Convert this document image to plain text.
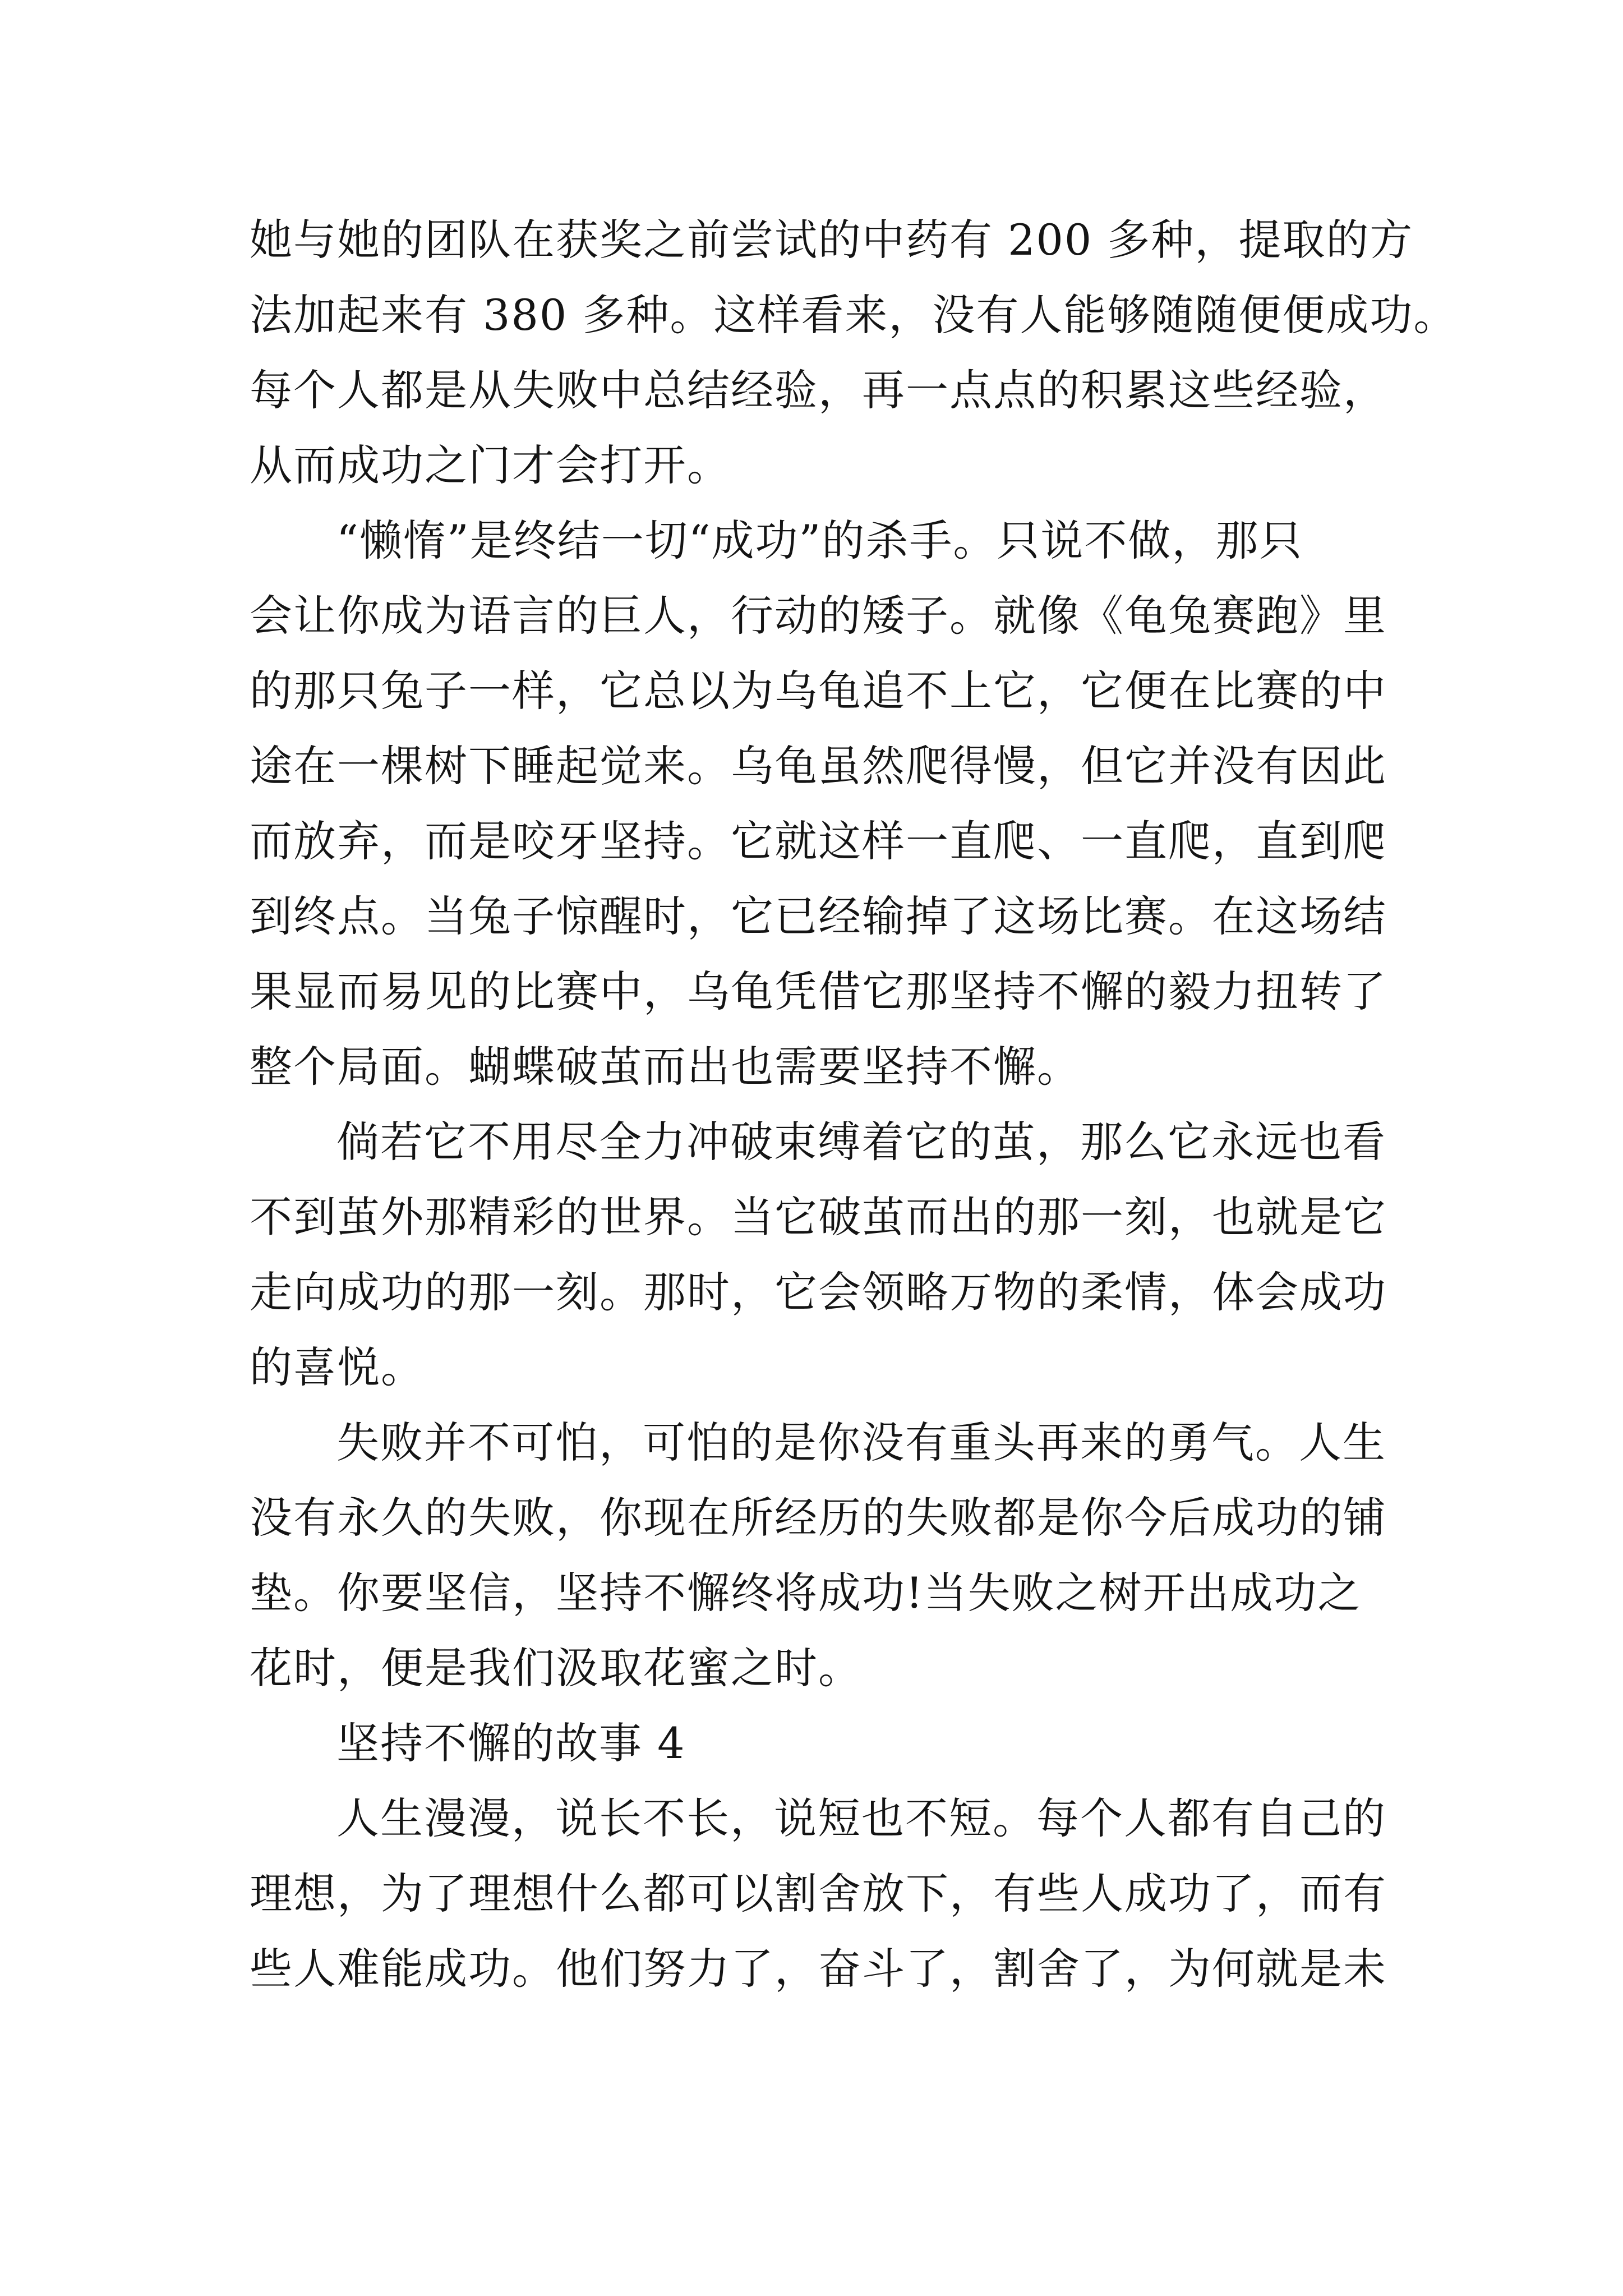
她与她的团队在获奖之前尝试的中药有 200 多种，提取的方
法加起来有 380 多种。这样看来，没有人能够随随便便成功。
每个人都是从失败中总结经验，再一点点的积累这些经验，
从而成功之门才会打开。
“懒惰”是终结一切“成功”的杀手。只说不做，那只
会让你成为语言的巨人，行动的矮子。就像《龟兔赛跑》里
的那只兔子一样，它总以为乌龟追不上它，它便在比赛的中
途在一棵树下睡起觉来。乌龟虽然爬得慢，但它并没有因此
而放弃，而是咬牙坚持。它就这样一直爬、一直爬，直到爬
到终点。当兔子惊醒时，它已经输掉了这场比赛。在这场结
果显而易见的比赛中，乌龟凭借它那坚持不懈的毅力扭转了
整个局面。蝴蝶破茧而出也需要坚持不懈。
倘若它不用尽全力冲破束缚着它的茧，那么它永远也看
不到茧外那精彩的世界。当它破茧而出的那一刻，也就是它
走向成功的那一刻。那时，它会领略万物的柔情，体会成功
的喜悦。
失败并不可怕，可怕的是你没有重头再来的勇气。人生
没有永久的失败，你现在所经历的失败都是你今后成功的铺
垫。你要坚信，坚持不懈终将成功!当失败之树开出成功之
花时，便是我们汲取花蜜之时。
坚持不懈的故事 4
人生漫漫，说长不长，说短也不短。每个人都有自己的
理想，为了理想什么都可以割舍放下，有些人成功了，而有
些人难能成功。他们努力了，奋斗了，割舍了，为何就是未
